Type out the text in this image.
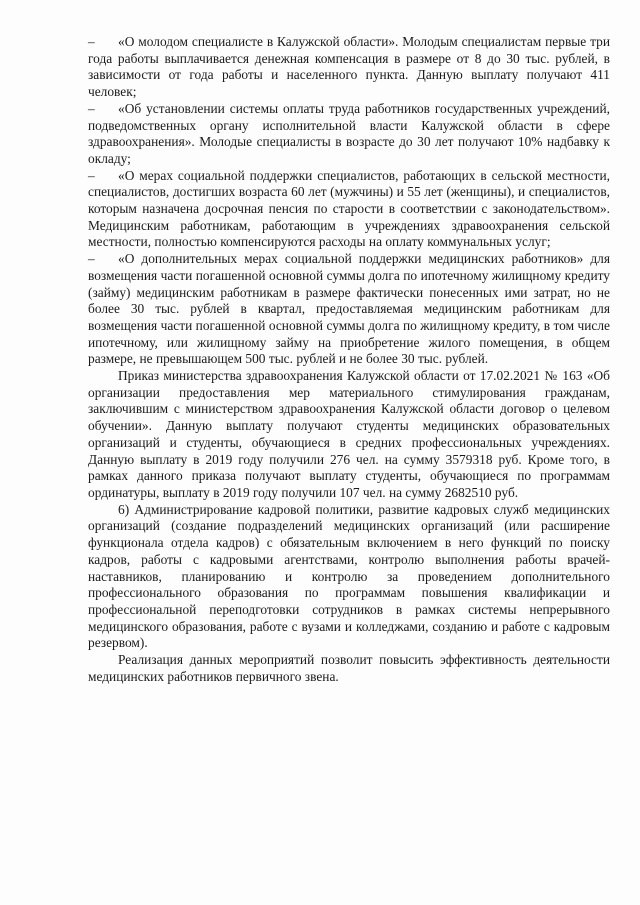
– «О молодом специалисте в Калужской области». Молодым специалистам первые три года работы выплачивается денежная компенсация в размере от 8 до 30 тыс. рублей, в зависимости от года работы и населенного пункта. Данную выплату получают 411 человек;

– «Об установлении системы оплаты труда работников государственных учреждений, подведомственных органу исполнительной власти Калужской области в сфере здравоохранения». Молодые специалисты в возрасте до 30 лет получают 10% надбавку к окладу;

– «О мерах социальной поддержки специалистов, работающих в сельской местности, специалистов, достигших возраста 60 лет (мужчины) и 55 лет (женщины), и специалистов, которым назначена досрочная пенсия по старости в соответствии с законодательством». Медицинским работникам, работающим в учреждениях здравоохранения сельской местности, полностью компенсируются расходы на оплату коммунальных услуг;

– «О дополнительных мерах социальной поддержки медицинских работников» для возмещения части погашенной основной суммы долга по ипотечному жилищному кредиту (займу) медицинским работникам в размере фактически понесенных ими затрат, но не более 30 тыс. рублей в квартал, предоставляемая медицинским работникам для возмещения части погашенной основной суммы долга по жилищному кредиту, в том числе ипотечному, или жилищному займу на приобретение жилого помещения, в общем размере, не превышающем 500 тыс. рублей и не более 30 тыс. рублей.

Приказ министерства здравоохранения Калужской области от 17.02.2021 № 163 «Об организации предоставления мер материального стимулирования гражданам, заключившим с министерством здравоохранения Калужской области договор о целевом обучении». Данную выплату получают студенты медицинских образовательных организаций и студенты, обучающиеся в средних профессиональных учреждениях. Данную выплату в 2019 году получили 276 чел. на сумму 3579318 руб. Кроме того, в рамках данного приказа получают выплату студенты, обучающиеся по программам ординатуры, выплату в 2019 году получили 107 чел. на сумму 2682510 руб.

6) Администрирование кадровой политики, развитие кадровых служб медицинских организаций (создание подразделений медицинских организаций (или расширение функционала отдела кадров) с обязательным включением в него функций по поиску кадров, работы с кадровыми агентствами, контролю выполнения работы врачей-наставников, планированию и контролю за проведением дополнительного профессионального образования по программам повышения квалификации и профессиональной переподготовки сотрудников в рамках системы непрерывного медицинского образования, работе с вузами и колледжами, созданию и работе с кадровым резервом).

Реализация данных мероприятий позволит повысить эффективность деятельности медицинских работников первичного звена.
